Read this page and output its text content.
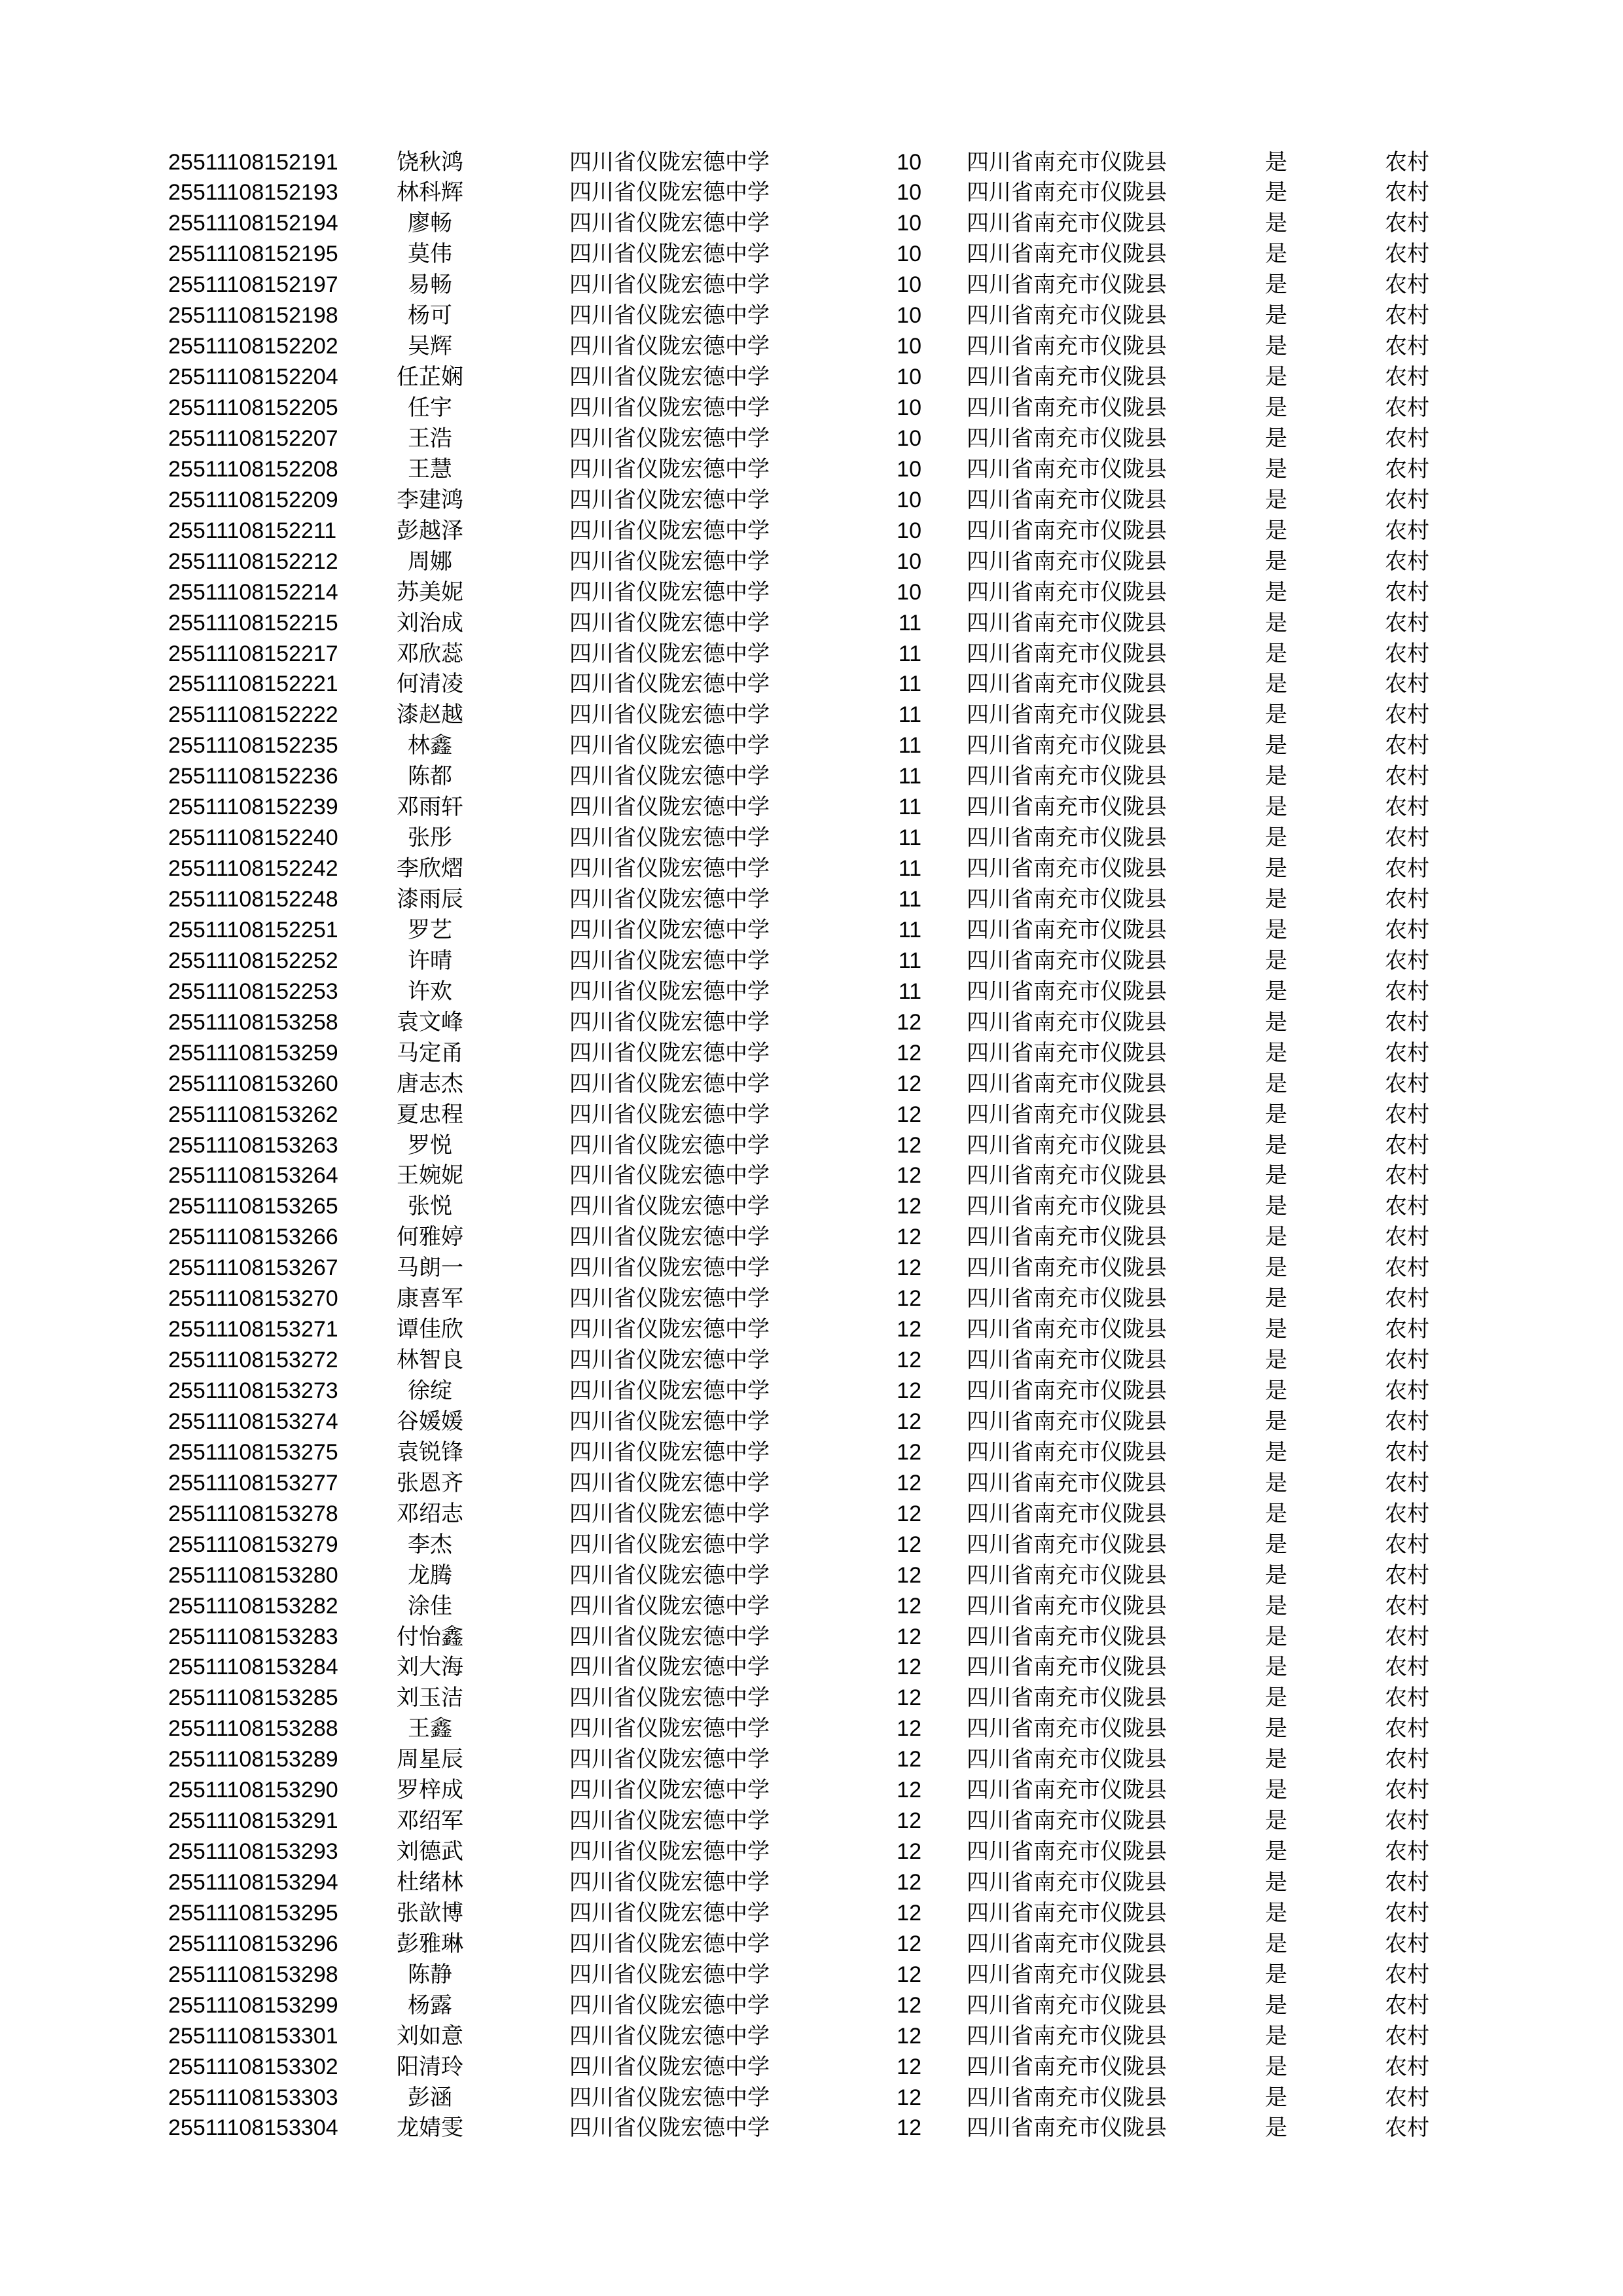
25511108152191	饶秋鸿	四川省仪陇宏德中学	10 四川省南充市仪陇县	是	农村
25511108152193	林科辉	四川省仪陇宏德中学	10 四川省南充市仪陇县	是	农村
25511108152194	廖畅	四川省仪陇宏德中学	10 四川省南充市仪陇县	是	农村
25511108152195	莫伟	四川省仪陇宏德中学	10 四川省南充市仪陇县	是	农村
25511108152197	易畅	四川省仪陇宏德中学	10 四川省南充市仪陇县	是	农村
25511108152198	杨可	四川省仪陇宏德中学	10 四川省南充市仪陇县	是	农村
25511108152202	吴辉	四川省仪陇宏德中学	10 四川省南充市仪陇县	是	农村
25511108152204	任芷娴	四川省仪陇宏德中学	10 四川省南充市仪陇县	是	农村
25511108152205	任宇	四川省仪陇宏德中学	10 四川省南充市仪陇县	是	农村
25511108152207	王浩	四川省仪陇宏德中学	10 四川省南充市仪陇县	是	农村
25511108152208	王慧	四川省仪陇宏德中学	10 四川省南充市仪陇县	是	农村
25511108152209	李建鸿	四川省仪陇宏德中学	10 四川省南充市仪陇县	是	农村
25511108152211	彭越泽	四川省仪陇宏德中学	10 四川省南充市仪陇县	是	农村
25511108152212	周娜	四川省仪陇宏德中学	10 四川省南充市仪陇县	是	农村
25511108152214	苏美妮	四川省仪陇宏德中学	10 四川省南充市仪陇县	是	农村
25511108152215	刘治成	四川省仪陇宏德中学	11 四川省南充市仪陇县	是	农村
25511108152217	邓欣蕊	四川省仪陇宏德中学	11 四川省南充市仪陇县	是	农村
25511108152221	何清凌	四川省仪陇宏德中学	11 四川省南充市仪陇县	是	农村
25511108152222	漆赵越	四川省仪陇宏德中学	11 四川省南充市仪陇县	是	农村
25511108152235	林鑫	四川省仪陇宏德中学	11 四川省南充市仪陇县	是	农村
25511108152236	陈都	四川省仪陇宏德中学	11 四川省南充市仪陇县	是	农村
25511108152239	邓雨轩	四川省仪陇宏德中学	11 四川省南充市仪陇县	是	农村
25511108152240	张彤	四川省仪陇宏德中学	11 四川省南充市仪陇县	是	农村
25511108152242	李欣熠	四川省仪陇宏德中学	11 四川省南充市仪陇县	是	农村
25511108152248	漆雨辰	四川省仪陇宏德中学	11 四川省南充市仪陇县	是	农村
25511108152251	罗艺	四川省仪陇宏德中学	11 四川省南充市仪陇县	是	农村
25511108152252	许晴	四川省仪陇宏德中学	11 四川省南充市仪陇县	是	农村
25511108152253	许欢	四川省仪陇宏德中学	11 四川省南充市仪陇县	是	农村
25511108153258	袁文峰	四川省仪陇宏德中学	12 四川省南充市仪陇县	是	农村
25511108153259	马定甬	四川省仪陇宏德中学	12 四川省南充市仪陇县	是	农村
25511108153260	唐志杰	四川省仪陇宏德中学	12 四川省南充市仪陇县	是	农村
25511108153262	夏忠程	四川省仪陇宏德中学	12 四川省南充市仪陇县	是	农村
25511108153263	罗悦	四川省仪陇宏德中学	12 四川省南充市仪陇县	是	农村
25511108153264	王婉妮	四川省仪陇宏德中学	12 四川省南充市仪陇县	是	农村
25511108153265	张悦	四川省仪陇宏德中学	12 四川省南充市仪陇县	是	农村
25511108153266	何雅婷	四川省仪陇宏德中学	12 四川省南充市仪陇县	是	农村
25511108153267	马朗一	四川省仪陇宏德中学	12 四川省南充市仪陇县	是	农村
25511108153270	康喜军	四川省仪陇宏德中学	12 四川省南充市仪陇县	是	农村
25511108153271	谭佳欣	四川省仪陇宏德中学	12 四川省南充市仪陇县	是	农村
25511108153272	林智良	四川省仪陇宏德中学	12 四川省南充市仪陇县	是	农村
25511108153273	徐绽	四川省仪陇宏德中学	12 四川省南充市仪陇县	是	农村
25511108153274	谷媛媛	四川省仪陇宏德中学	12 四川省南充市仪陇县	是	农村
25511108153275	袁锐锋	四川省仪陇宏德中学	12 四川省南充市仪陇县	是	农村
25511108153277	张恩齐	四川省仪陇宏德中学	12 四川省南充市仪陇县	是	农村
25511108153278	邓绍志	四川省仪陇宏德中学	12 四川省南充市仪陇县	是	农村
25511108153279	李杰	四川省仪陇宏德中学	12 四川省南充市仪陇县	是	农村
25511108153280	龙腾	四川省仪陇宏德中学	12 四川省南充市仪陇县	是	农村
25511108153282	涂佳	四川省仪陇宏德中学	12 四川省南充市仪陇县	是	农村
25511108153283	付怡鑫	四川省仪陇宏德中学	12 四川省南充市仪陇县	是	农村
25511108153284	刘大海	四川省仪陇宏德中学	12 四川省南充市仪陇县	是	农村
25511108153285	刘玉洁	四川省仪陇宏德中学	12 四川省南充市仪陇县	是	农村
25511108153288	王鑫	四川省仪陇宏德中学	12 四川省南充市仪陇县	是	农村
25511108153289	周星辰	四川省仪陇宏德中学	12 四川省南充市仪陇县	是	农村
25511108153290	罗梓成	四川省仪陇宏德中学	12 四川省南充市仪陇县	是	农村
25511108153291	邓绍军	四川省仪陇宏德中学	12 四川省南充市仪陇县	是	农村
25511108153293	刘德武	四川省仪陇宏德中学	12 四川省南充市仪陇县	是	农村
25511108153294	杜绪林	四川省仪陇宏德中学	12 四川省南充市仪陇县	是	农村
25511108153295	张歆博	四川省仪陇宏德中学	12 四川省南充市仪陇县	是	农村
25511108153296	彭雅琳	四川省仪陇宏德中学	12 四川省南充市仪陇县	是	农村
25511108153298	陈静	四川省仪陇宏德中学	12 四川省南充市仪陇县	是	农村
25511108153299	杨露	四川省仪陇宏德中学	12 四川省南充市仪陇县	是	农村
25511108153301	刘如意	四川省仪陇宏德中学	12 四川省南充市仪陇县	是	农村
25511108153302	阳清玲	四川省仪陇宏德中学	12 四川省南充市仪陇县	是	农村
25511108153303	彭涵	四川省仪陇宏德中学	12 四川省南充市仪陇县	是	农村
25511108153304	龙婧雯	四川省仪陇宏德中学	12 四川省南充市仪陇县	是	农村
